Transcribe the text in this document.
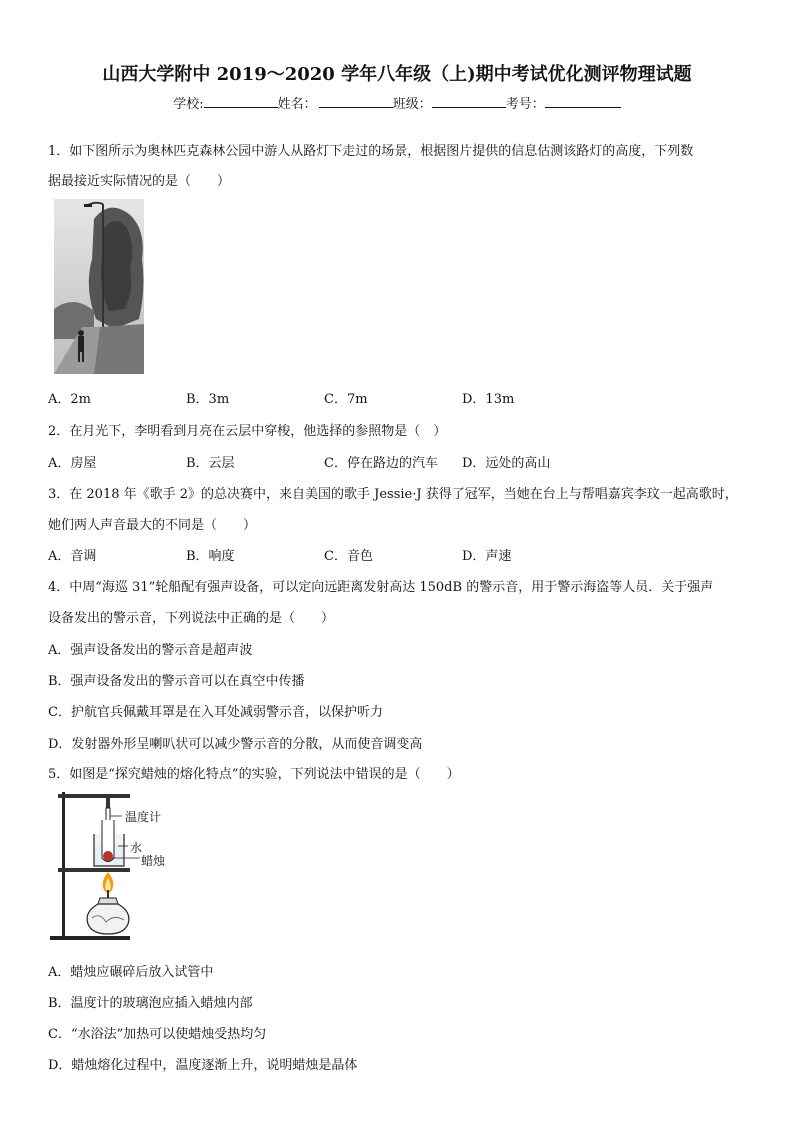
山西大学附中 2019～2020 学年八年级（上)期中考试优化测评物理试题
学校:	姓名：	班级：	考号：
1．如下图所示为奥林匹克森林公园中游人从路灯下走过的场景，根据图片提供的信息估测该路灯的高度，下列数
据最接近实际情况的是（　　）
A．2m	B．3m	C．7m	D．13m
2．在月光下，李明看到月亮在云层中穿梭，他选择的参照物是（　）
A．房屋	B．云层	C．停在路边的汽车 D．远处的高山
3．在 2018 年《歌手 2》的总决赛中，来自美国的歌手 Jessie·J 获得了冠军，当她在台上与帮唱嘉宾李玟一起高歌时，
她们两人声音最大的不同是（　　）
A．音调	B．响度	C．音色	D．声速
4．中周“海巡 31”轮船配有强声设备，可以定向远距离发射高达 150dB 的警示音，用于警示海盗等人员．关于强声
设备发出的警示音，下列说法中正确的是（　　）
A．强声设备发出的警示音是超声波
B．强声设备发出的警示音可以在真空中传播
C．护航官兵佩戴耳罩是在入耳处减弱警示音，以保护听力
D．发射器外形呈喇叭状可以减少警示音的分散，从而使音调变高
5．如图是“探究蜡烛的熔化特点”的实验，下列说法中错误的是（　　）
温度计
水
蜡烛
A．蜡烛应碾碎后放入试管中
B．温度计的玻璃泡应插入蜡烛内部
C．“水浴法”加热可以使蜡烛受热均匀
D．蜡烛熔化过程中，温度逐渐上升，说明蜡烛是晶体
